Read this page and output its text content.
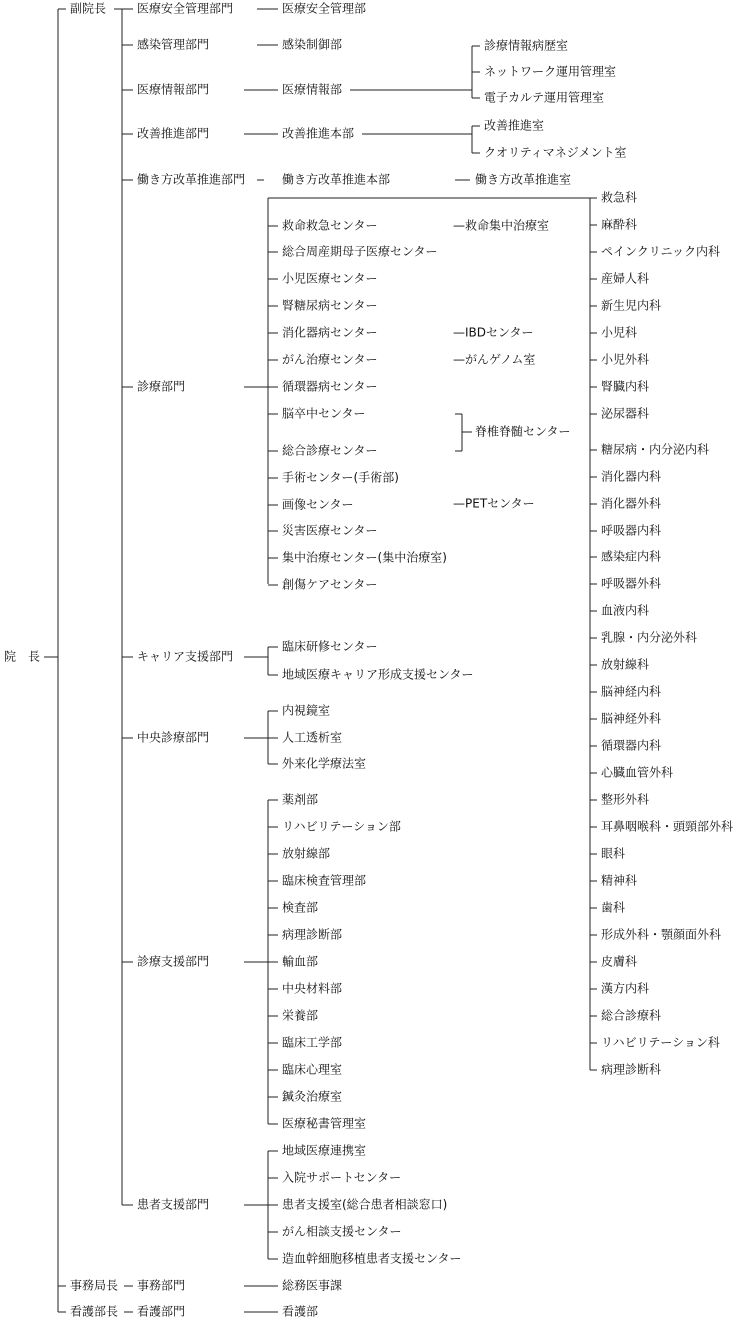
院　長
副院長
事務局長
看護部長
医療安全管理部門
感染管理部門
医療情報部門
改善推進部門
働き方改革推進部門
医療安全管理部
感染制御部
医療情報部
改善推進本部
働き方改革推進本部
診療情報病歴室
ネットワーク運用管理室
電子カルテ運用管理室
改善推進室
クオリティマネジメント室
働き方改革推進室
診療部門
救命救急センター
総合周産期母子医療センター
小児医療センター
腎糖尿病センター
消化器病センター
がん治療センター
循環器病センター
脳卒中センター
総合診療センター
手術センター(手術部)
画像センター
災害医療センター
集中治療センター(集中治療室)
創傷ケアセンター
—救命集中治療室
—IBDセンター
—がんゲノム室
—PETセンター
脊椎脊髄センター
救急科
麻酔科
ペインクリニック内科
産婦人科
新生児内科
小児科
小児外科
腎臓内科
泌尿器科
糖尿病・内分泌内科
消化器内科
消化器外科
呼吸器内科
感染症内科
呼吸器外科
血液内科
乳腺・内分泌外科
放射線科
脳神経内科
脳神経外科
循環器内科
心臓血管外科
整形外科
耳鼻咽喉科・頭頸部外科
眼科
精神科
歯科
形成外科・顎顔面外科
皮膚科
漢方内科
総合診療科
リハビリテーション科
病理診断科
キャリア支援部門
臨床研修センター
地域医療キャリア形成支援センター
中央診療部門
内視鏡室
人工透析室
外来化学療法室
診療支援部門
薬剤部
リハビリテーション部
放射線部
臨床検査管理部
検査部
病理診断部
輸血部
中央材料部
栄養部
臨床工学部
臨床心理室
鍼灸治療室
医療秘書管理室
患者支援部門
地域医療連携室
入院サポートセンター
患者支援室(総合患者相談窓口)
がん相談支援センター
造血幹細胞移植患者支援センター
事務部門	総務医事課
看護部門	看護部
